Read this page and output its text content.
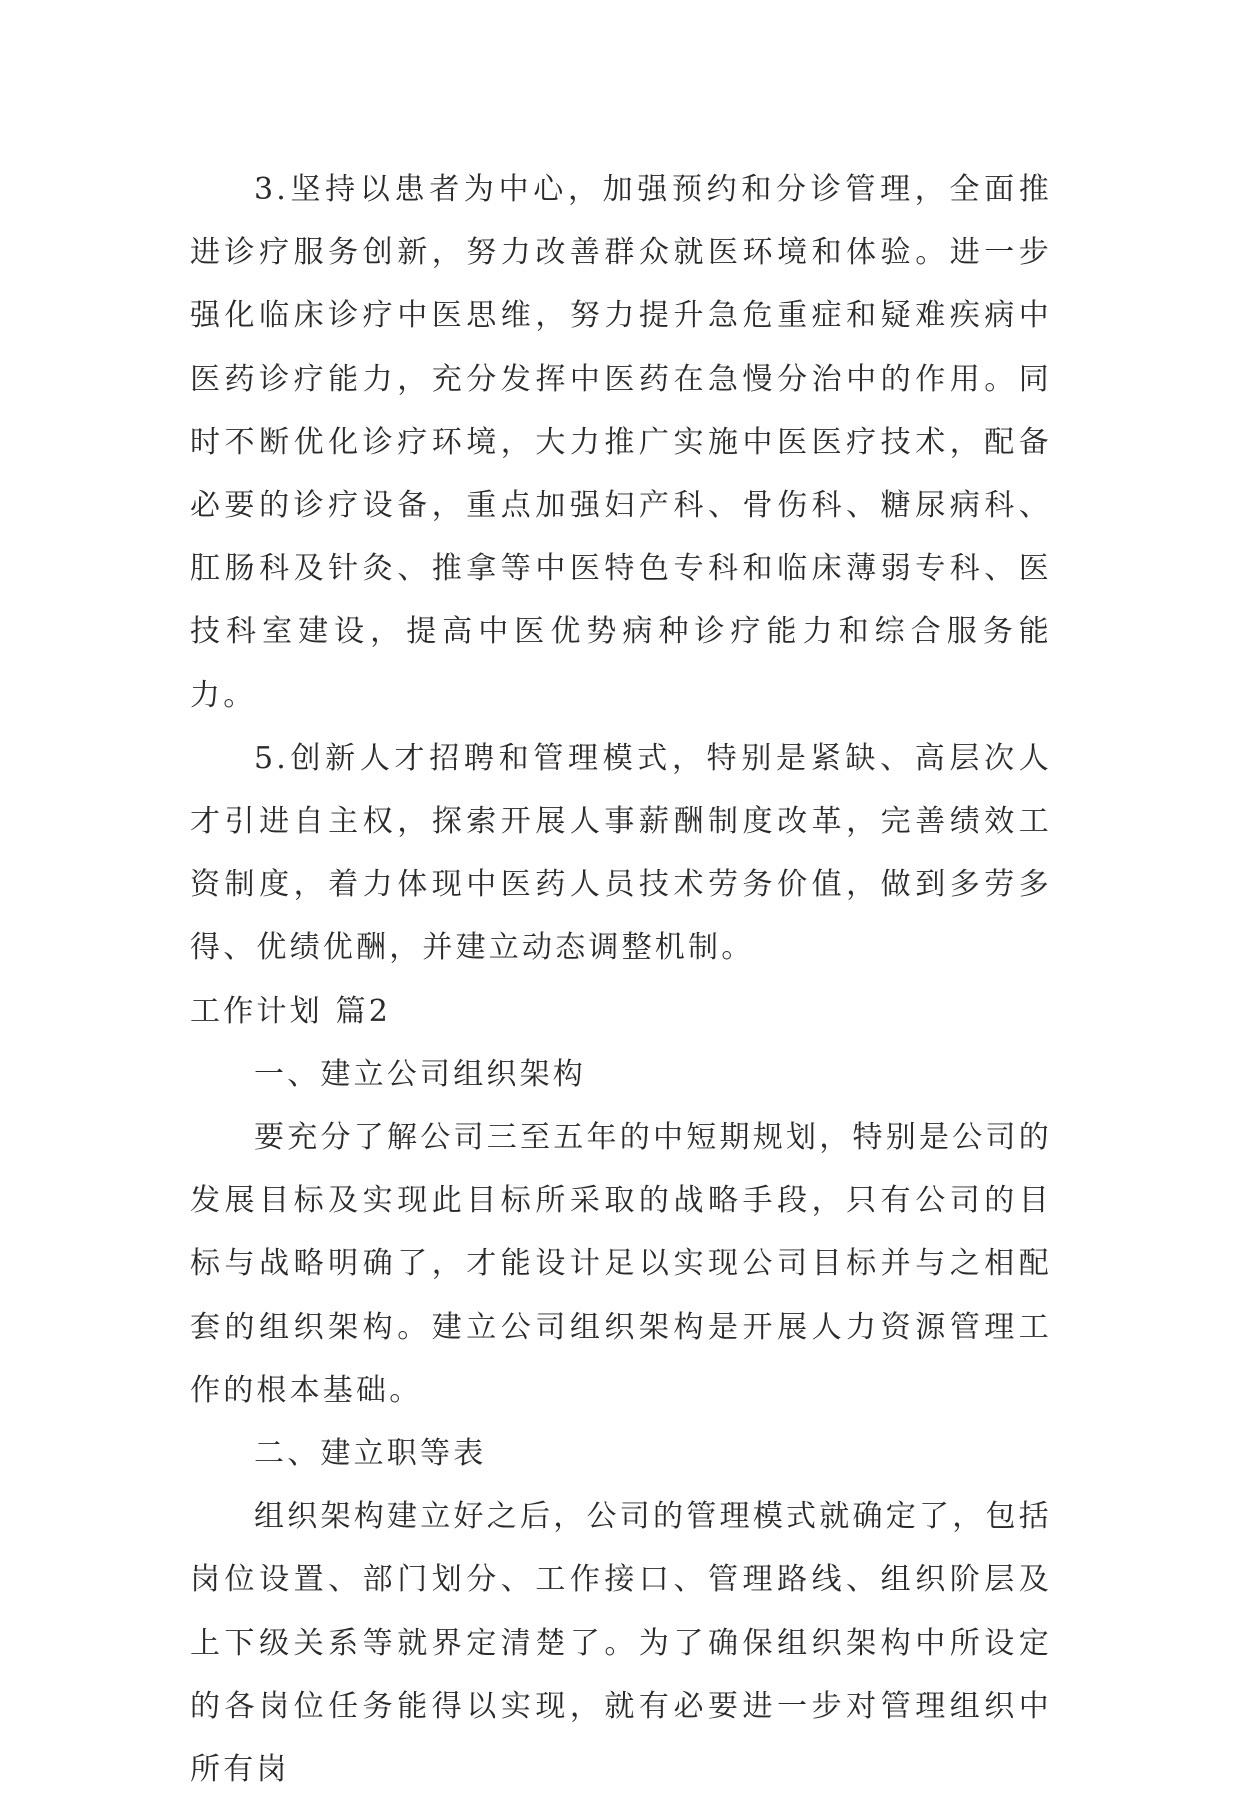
3.坚持以患者为中心，加强预约和分诊管理，全面推进诊疗服务创新，努力改善群众就医环境和体验。进一步强化临床诊疗中医思维，努力提升急危重症和疑难疾病中医药诊疗能力，充分发挥中医药在急慢分治中的作用。同时不断优化诊疗环境，大力推广实施中医医疗技术，配备必要的诊疗设备，重点加强妇产科、骨伤科、糖尿病科、肛肠科及针灸、推拿等中医特色专科和临床薄弱专科、医技科室建设，提高中医优势病种诊疗能力和综合服务能力。

5.创新人才招聘和管理模式，特别是紧缺、高层次人才引进自主权，探索开展人事薪酬制度改革，完善绩效工资制度，着力体现中医药人员技术劳务价值，做到多劳多得、优绩优酬，并建立动态调整机制。

工作计划 篇2

一、建立公司组织架构

要充分了解公司三至五年的中短期规划，特别是公司的发展目标及实现此目标所采取的战略手段，只有公司的目标与战略明确了，才能设计足以实现公司目标并与之相配套的组织架构。建立公司组织架构是开展人力资源管理工作的根本基础。

二、建立职等表

组织架构建立好之后，公司的管理模式就确定了，包括岗位设置、部门划分、工作接口、管理路线、组织阶层及上下级关系等就界定清楚了。为了确保组织架构中所设定的各岗位任务能得以实现，就有必要进一步对管理组织中所有岗
